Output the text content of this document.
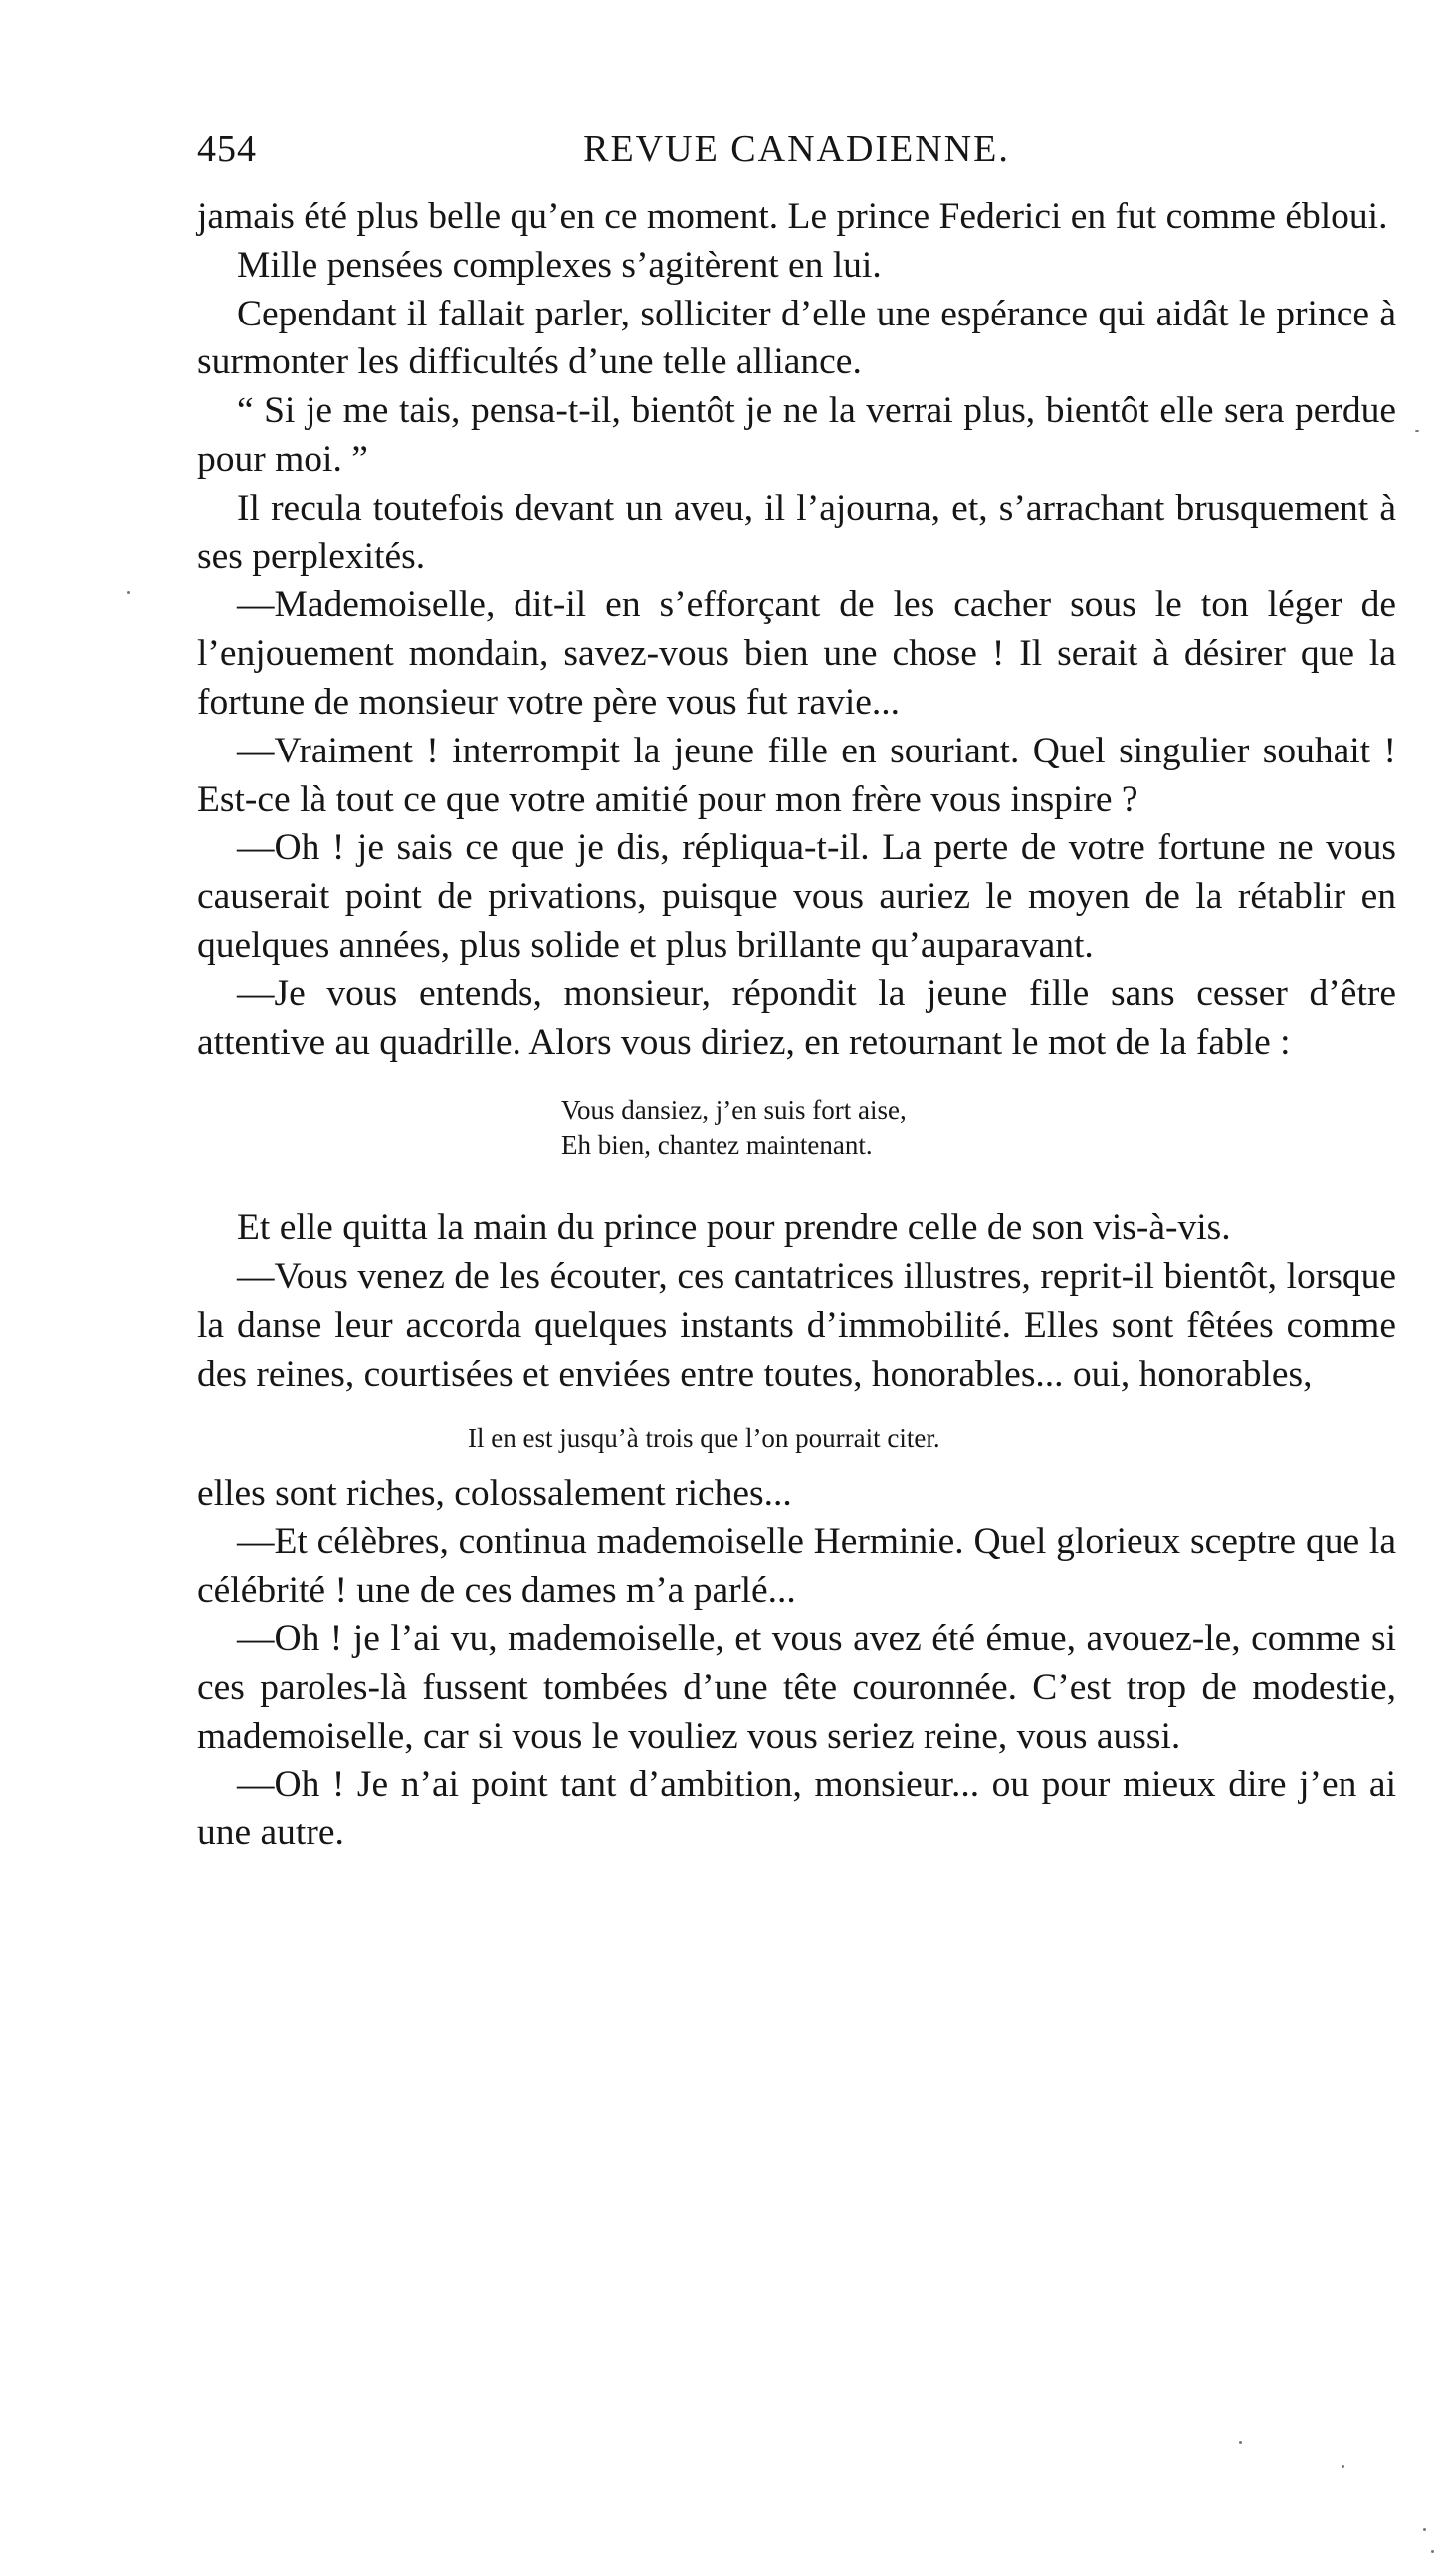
454	REVUE CANADIENNE.

jamais été plus belle qu’en ce moment. Le prince Federici en fut comme ébloui.

Mille pensées complexes s’agitèrent en lui.

Cependant il fallait parler, solliciter d’elle une espérance qui aidât le prince à surmonter les difficultés d’une telle alliance.

“ Si je me tais, pensa-t-il, bientôt je ne la verrai plus, bientôt elle sera perdue pour moi. ”

Il recula toutefois devant un aveu, il l’ajourna, et, s’arrachant brusquement à ses perplexités.

—Mademoiselle, dit-il en s’efforçant de les cacher sous le ton léger de l’enjouement mondain, savez-vous bien une chose ! Il serait à désirer que la fortune de monsieur votre père vous fut ravie...

—Vraiment ! interrompit la jeune fille en souriant. Quel singulier souhait ! Est-ce là tout ce que votre amitié pour mon frère vous inspire ?

—Oh ! je sais ce que je dis, répliqua-t-il. La perte de votre fortune ne vous causerait point de privations, puisque vous auriez le moyen de la rétablir en quelques années, plus solide et plus brillante qu’auparavant.

—Je vous entends, monsieur, répondit la jeune fille sans cesser d’être attentive au quadrille. Alors vous diriez, en retournant le mot de la fable :

Vous dansiez, j’en suis fort aise,

Eh bien, chantez maintenant.

Et elle quitta la main du prince pour prendre celle de son vis-à-vis.

—Vous venez de les écouter, ces cantatrices illustres, reprit-il bientôt, lorsque la danse leur accorda quelques instants d’immobilité. Elles sont fêtées comme des reines, courtisées et enviées entre toutes, honorables... oui, honorables,

Il en est jusqu’à trois que l’on pourrait citer.

elles sont riches, colossalement riches...

—Et célèbres, continua mademoiselle Herminie. Quel glorieux sceptre que la célébrité ! une de ces dames m’a parlé...

—Oh ! je l’ai vu, mademoiselle, et vous avez été émue, avouez-le, comme si ces paroles-là fussent tombées d’une tête couronnée. C’est trop de modestie, mademoiselle, car si vous le vouliez vous seriez reine, vous aussi.

—Oh ! Je n’ai point tant d’ambition, monsieur... ou pour mieux dire j’en ai une autre.
